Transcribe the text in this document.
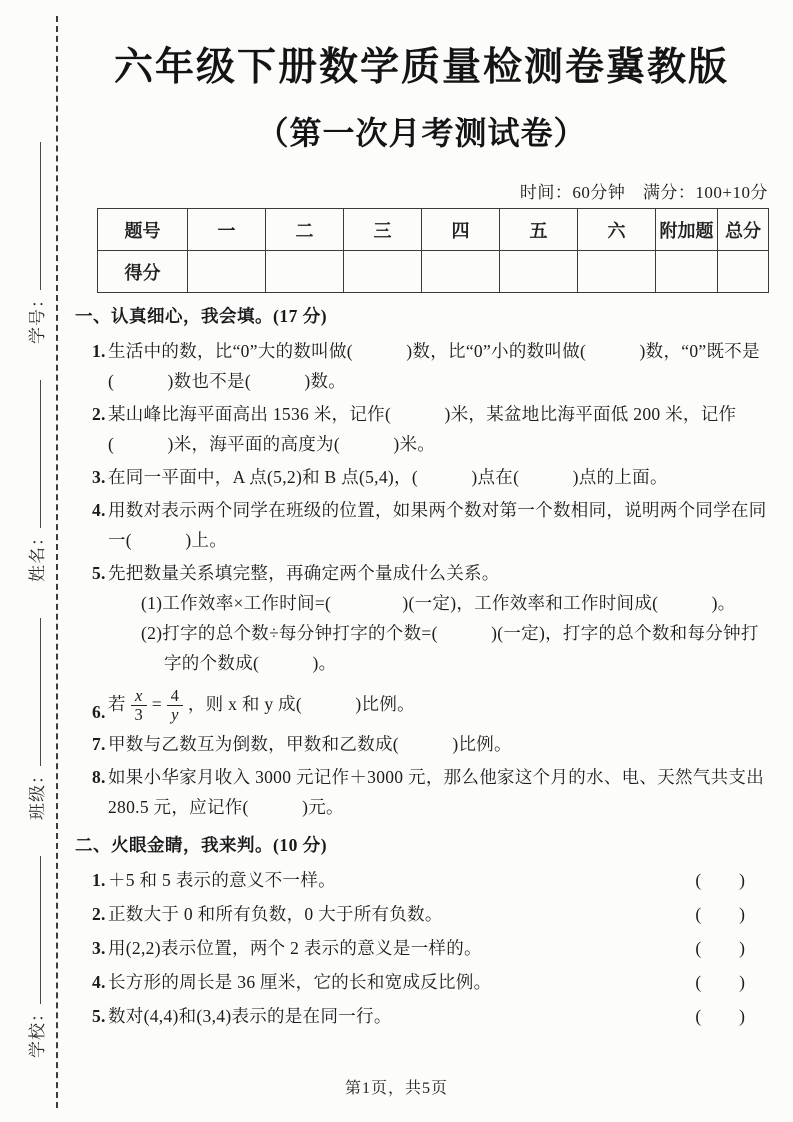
学校：
班级：
姓名：
学号：
六年级下册数学质量检测卷冀教版
（第一次月考测试卷）
时间：60分钟　满分：100+10分
题号	一	二	三	四	五	六	附加题	总分
得分								
一、认真细心，我会填。(17 分)
1. 生活中的数，比“0”大的数叫做(　　　)数，比“0”小的数叫做(　　　)数，“0”既不是(　　　)数也不是(　　　)数。
2. 某山峰比海平面高出 1536 米，记作(　　　)米，某盆地比海平面低 200 米，记作(　　　)米，海平面的高度为(　　　)米。
3. 在同一平面中，A 点(5,2)和 B 点(5,4)，(　　　)点在(　　　)点的上面。
4. 用数对表示两个同学在班级的位置，如果两个数对第一个数相同，说明两个同学在同一(　　　)上。
5. 先把数量关系填完整，再确定两个量成什么关系。
(1)工作效率×工作时间=(　　　　)(一定)，工作效率和工作时间成(　　　)。
(2)打字的总个数÷每分钟打字的个数=(　　　)(一定)，打字的总个数和每分钟打字的个数成(　　　)。
6. 若 $\frac{x}{3} = \frac{4}{y}$ ，则 x 和 y 成(　　　)比例。
7. 甲数与乙数互为倒数，甲数和乙数成(　　　)比例。
8. 如果小华家月收入 3000 元记作＋3000 元，那么他家这个月的水、电、天然气共支出 280.5 元，应记作(　　　)元。
二、火眼金睛，我来判。(10 分)
1. ＋5 和 5 表示的意义不一样。	(　　)
2. 正数大于 0 和所有负数，0 大于所有负数。	(　　)
3. 用(2,2)表示位置，两个 2 表示的意义是一样的。	(　　)
4. 长方形的周长是 36 厘米，它的长和宽成反比例。	(　　)
5. 数对(4,4)和(3,4)表示的是在同一行。	(　　)
第1页，共5页
